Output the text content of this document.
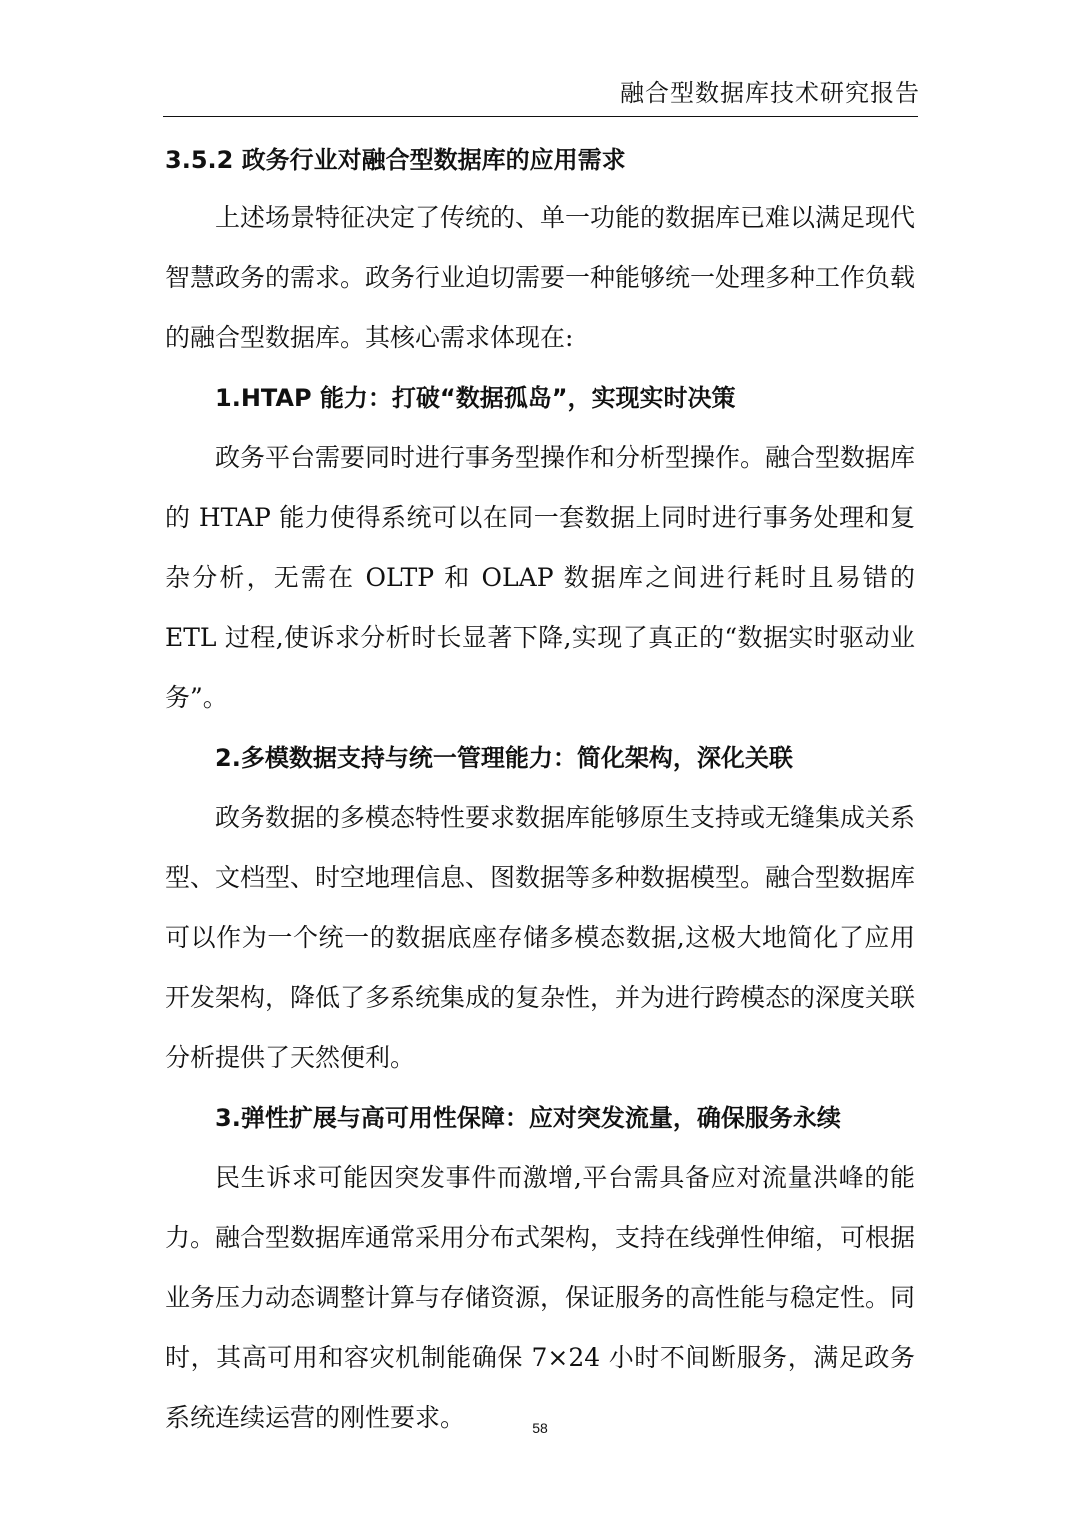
融合型数据库技术研究报告
3.5.2 政务行业对融合型数据库的应用需求

上述场景特征决定了传统的、单一功能的数据库已难以满足现代智慧政务的需求。政务行业迫切需要一种能够统一处理多种工作负载的融合型数据库。其核心需求体现在:

1.HTAP 能力：打破“数据孤岛”，实现实时决策

政务平台需要同时进行事务型操作和分析型操作。融合型数据库的 HTAP 能力使得系统可以在同一套数据上同时进行事务处理和复杂分析，无需在 OLTP 和 OLAP 数据库之间进行耗时且易错的 ETL 过程,使诉求分析时长显著下降,实现了真正的“数据实时驱动业务”。

2.多模数据支持与统一管理能力：简化架构，深化关联

政务数据的多模态特性要求数据库能够原生支持或无缝集成关系型、文档型、时空地理信息、图数据等多种数据模型。融合型数据库可以作为一个统一的数据底座存储多模态数据,这极大地简化了应用开发架构，降低了多系统集成的复杂性，并为进行跨模态的深度关联分析提供了天然便利。

3.弹性扩展与高可用性保障：应对突发流量，确保服务永续

民生诉求可能因突发事件而激增,平台需具备应对流量洪峰的能力。融合型数据库通常采用分布式架构，支持在线弹性伸缩，可根据业务压力动态调整计算与存储资源，保证服务的高性能与稳定性。同时，其高可用和容灾机制能确保 7×24 小时不间断服务，满足政务系统连续运营的刚性要求。	58
